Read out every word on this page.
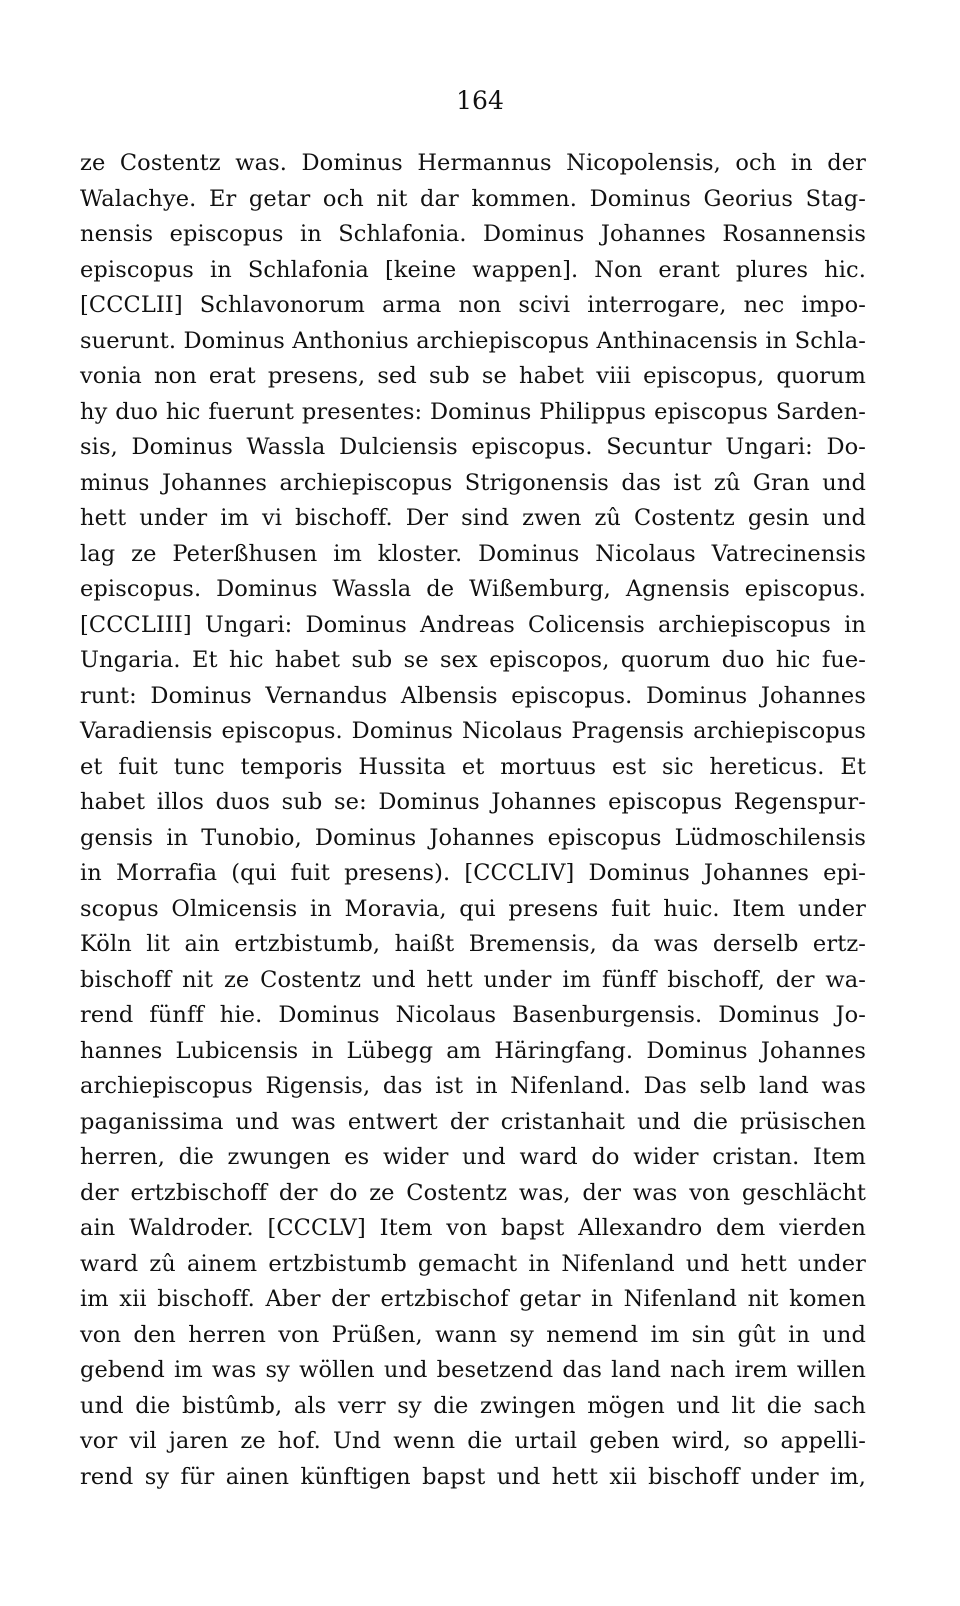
164
ze Costentz was. Dominus Hermannus Nicopolensis, och in der
Walachye. Er getar och nit dar kommen. Dominus Georius Stag-
nensis episcopus in Schlafonia. Dominus Johannes Rosannensis
episcopus in Schlafonia [keine wappen]. Non erant plures hic.
[CCCLII] Schlavonorum arma non scivi interrogare, nec impo-
suerunt. Dominus Anthonius archiepiscopus Anthinacensis in Schla-
vonia non erat presens, sed sub se habet viii episcopus, quorum
hy duo hic fuerunt presentes: Dominus Philippus episcopus Sarden-
sis, Dominus Wassla Dulciensis episcopus. Secuntur Ungari: Do-
minus Johannes archiepiscopus Strigonensis das ist zû Gran und
hett under im vi bischoff. Der sind zwen zû Costentz gesin und
lag ze Peterßhusen im kloster. Dominus Nicolaus Vatrecinensis
episcopus. Dominus Wassla de Wißemburg, Agnensis episcopus.
[CCCLIII] Ungari: Dominus Andreas Colicensis archiepiscopus in
Ungaria. Et hic habet sub se sex episcopos, quorum duo hic fue-
runt: Dominus Vernandus Albensis episcopus. Dominus Johannes
Varadiensis episcopus. Dominus Nicolaus Pragensis archiepiscopus
et fuit tunc temporis Hussita et mortuus est sic hereticus. Et
habet illos duos sub se: Dominus Johannes episcopus Regenspur-
gensis in Tunobio, Dominus Johannes episcopus Lüdmoschilensis
in Morrafia (qui fuit presens). [CCCLIV] Dominus Johannes epi-
scopus Olmicensis in Moravia, qui presens fuit huic. Item under
Köln lit ain ertzbistumb, haißt Bremensis, da was derselb ertz-
bischoff nit ze Costentz und hett under im fünff bischoff, der wa-
rend fünff hie. Dominus Nicolaus Basenburgensis. Dominus Jo-
hannes Lubicensis in Lübegg am Häringfang. Dominus Johannes
archiepiscopus Rigensis, das ist in Nifenland. Das selb land was
paganissima und was entwert der cristanhait und die prüsischen
herren, die zwungen es wider und ward do wider cristan. Item
der ertzbischoff der do ze Costentz was, der was von geschlächt
ain Waldroder. [CCCLV] Item von bapst Allexandro dem vierden
ward zû ainem ertzbistumb gemacht in Nifenland und hett under
im xii bischoff. Aber der ertzbischof getar in Nifenland nit komen
von den herren von Prüßen, wann sy nemend im sin gût in und
gebend im was sy wöllen und besetzend das land nach irem willen
und die bistûmb, als verr sy die zwingen mögen und lit die sach
vor vil jaren ze hof. Und wenn die urtail geben wird, so appelli-
rend sy für ainen künftigen bapst und hett xii bischoff under im,
